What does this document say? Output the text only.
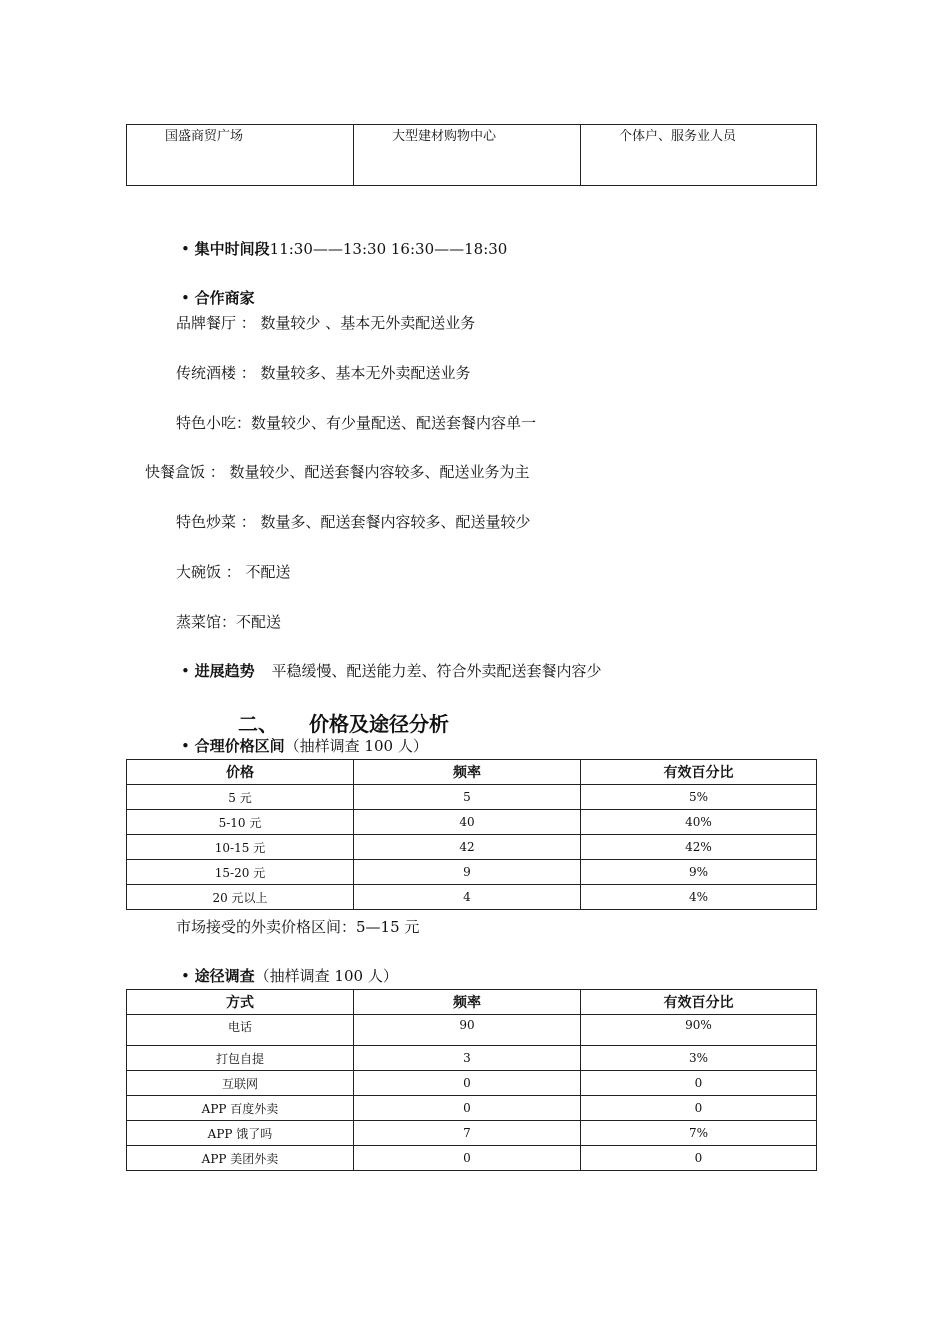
国盛商贸广场	大型建材购物中心	个体户、服务业人员
• 集中时间段11:30——13:30 16:30——18:30
• 合作商家
品牌餐厅 ： 数量较少 、基本无外卖配送业务
传统酒楼 ： 数量较多、基本无外卖配送业务
特色小吃：数量较少、有少量配送、配送套餐内容单一
快餐盒饭 ： 数量较少、配送套餐内容较多、配送业务为主
特色炒菜 ： 数量多、配送套餐内容较多、配送量较少
大碗饭 ： 不配送
蒸菜馆：不配送
• 进展趋势 平稳缓慢、配送能力差、符合外卖配送套餐内容少
二、 价格及途径分析
• 合理价格区间（抽样调查 100 人）
价格	频率	有效百分比
5 元	5	5%
5-10 元	40	40%
10-15 元	42	42%
15-20 元	9	9%
20 元以上	4	4%
市场接受的外卖价格区间：5—15 元
• 途径调查（抽样调查 100 人）
方式	频率	有效百分比
电话	90	90%
打包自提	3	3%
互联网	0	0
APP 百度外卖	0	0
APP 饿了吗	7	7%
APP 美团外卖	0	0
